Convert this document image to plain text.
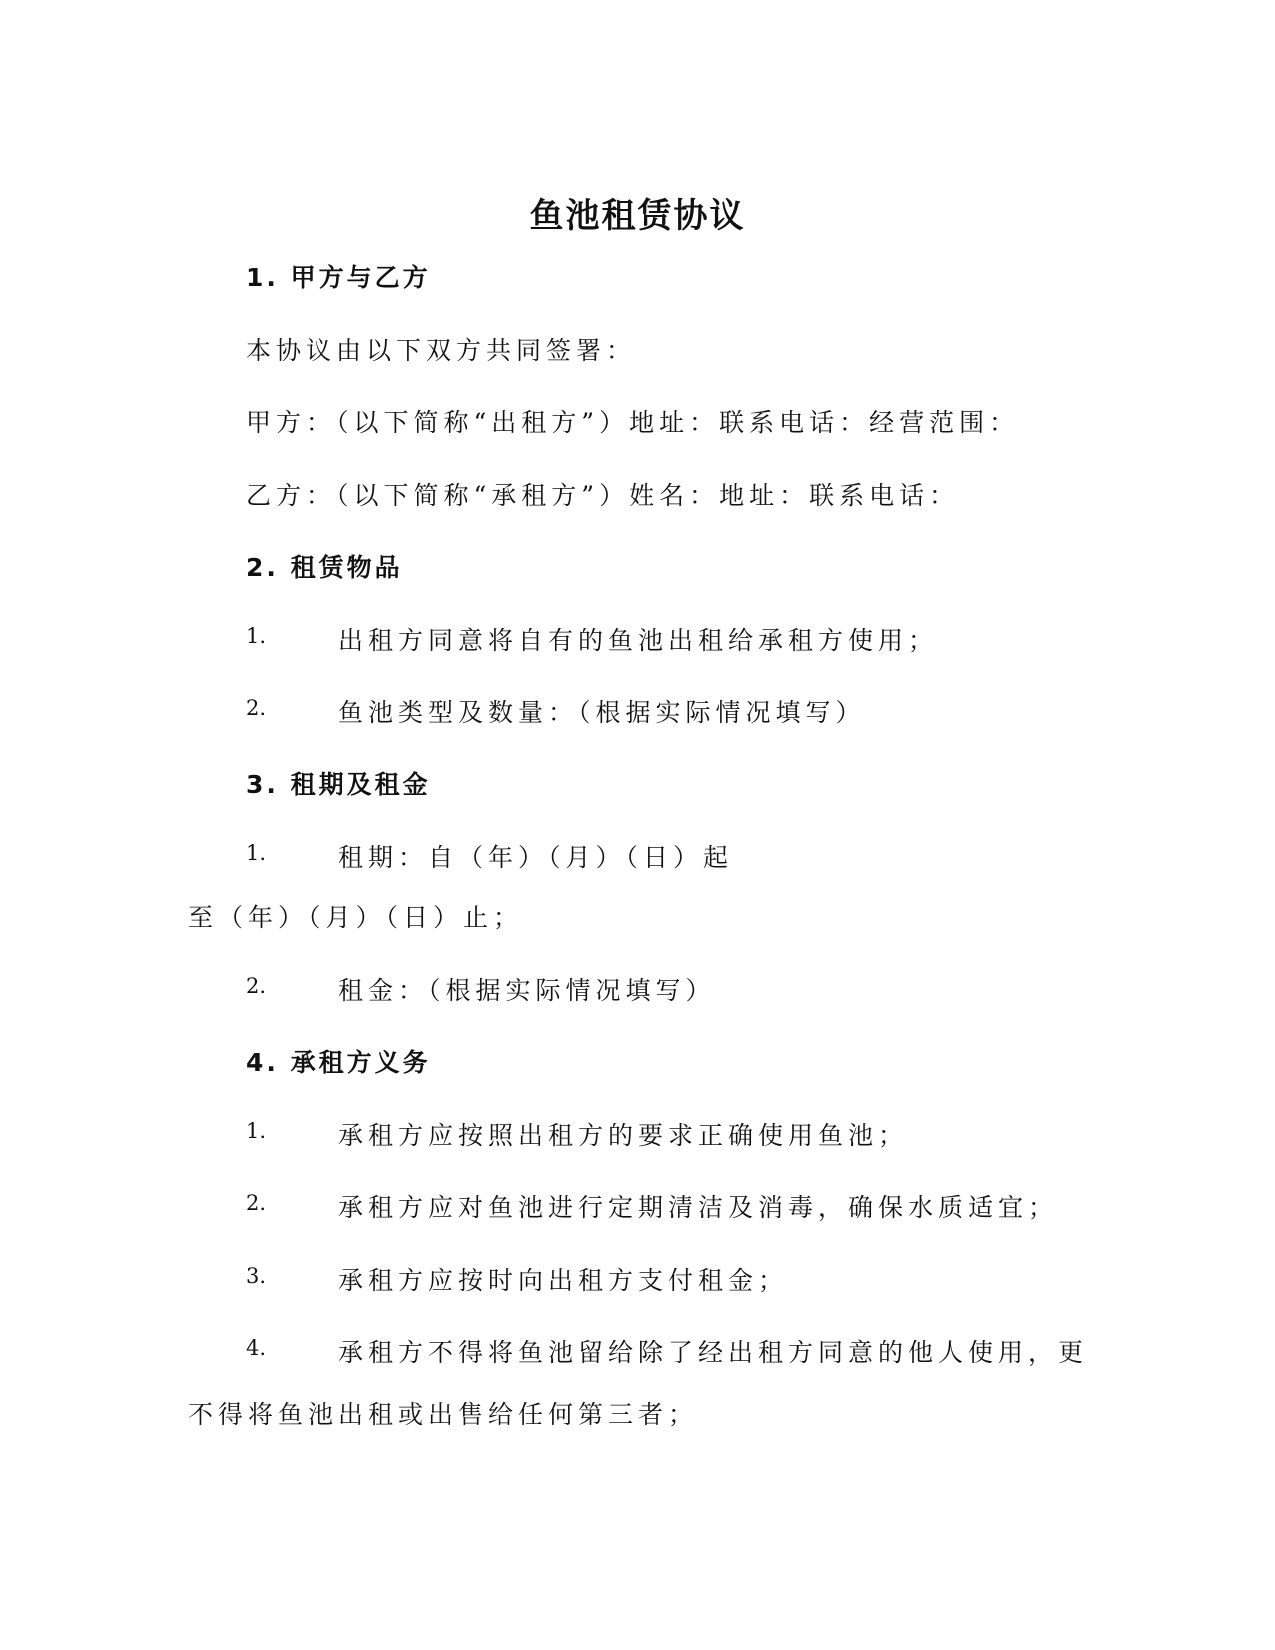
鱼池租赁协议
1. 甲方与乙方
本协议由以下双方共同签署：
甲方：（以下简称“出租方”）地址：联系电话：经营范围：
乙方：（以下简称“承租方”）姓名：地址：联系电话：
2. 租赁物品
1.	出租方同意将自有的鱼池出租给承租方使用；
2.	鱼池类型及数量：（根据实际情况填写）
3. 租期及租金
1.	租期：自（年）（月）（日）起
至（年）（月）（日）止；
2.	租金：（根据实际情况填写）
4. 承租方义务
1.	承租方应按照出租方的要求正确使用鱼池；
2.	承租方应对鱼池进行定期清洁及消毒，确保水质适宜；
3.	承租方应按时向出租方支付租金；
4.	承租方不得将鱼池留给除了经出租方同意的他人使用，更
不得将鱼池出租或出售给任何第三者；
